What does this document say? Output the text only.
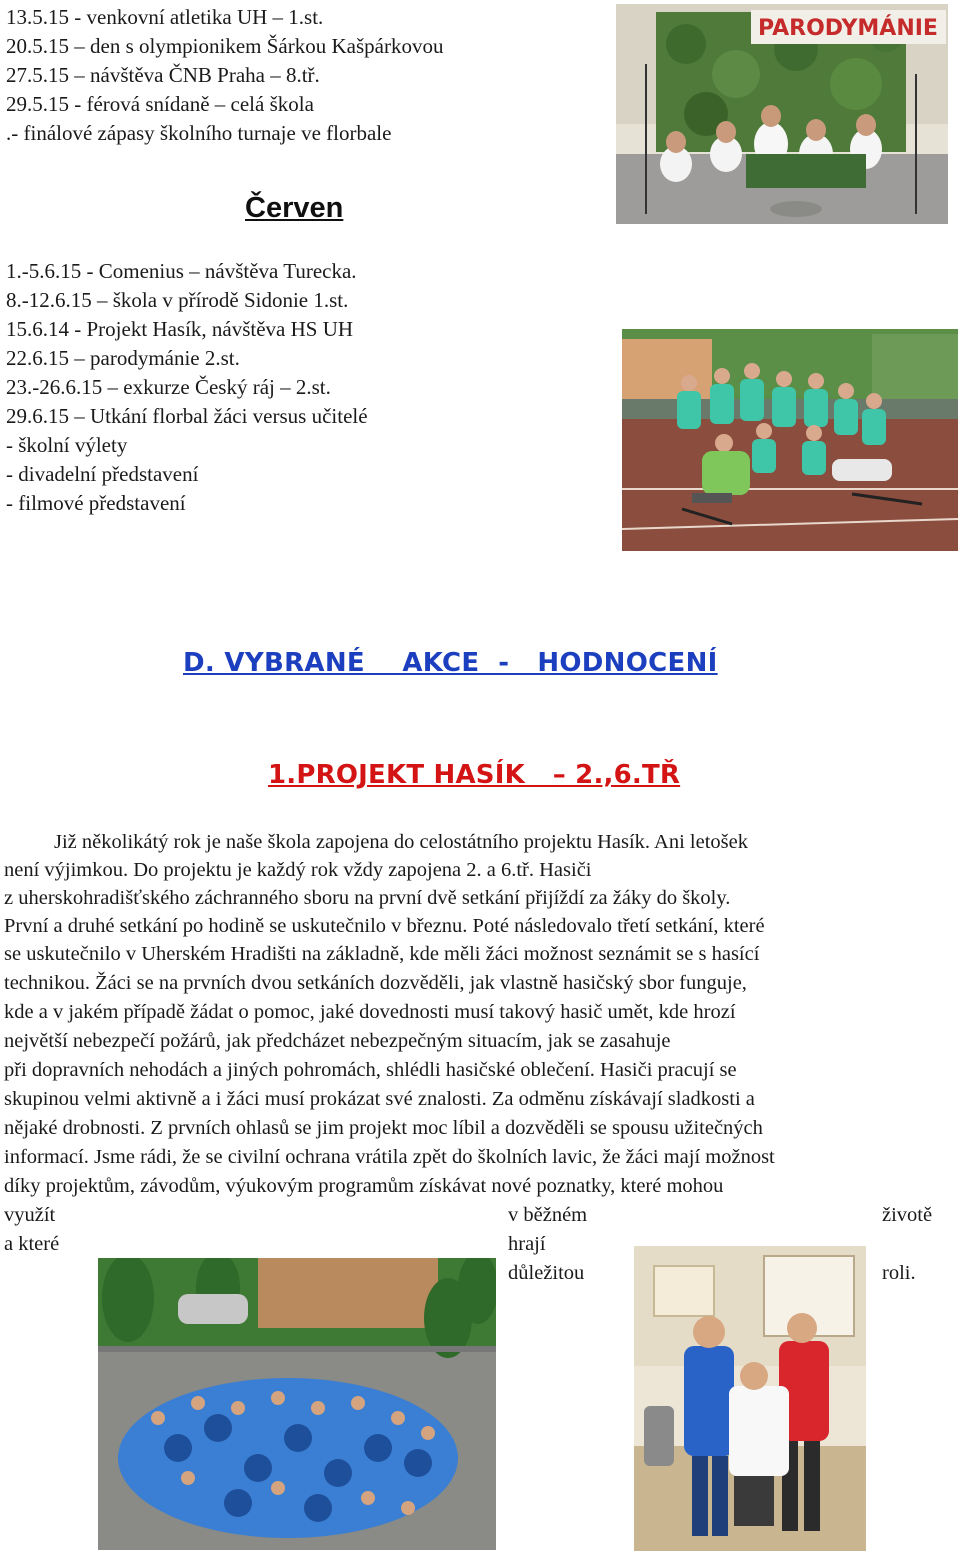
13.5.15 - venkovní atletika UH – 1.st.

20.5.15 – den s olympionikem Šárkou Kašpárkovou

27.5.15 – návštěva ČNB Praha – 8.tř.

29.5.15 - férová snídaně – celá škola

.- finálové zápasy školního turnaje ve florbale

Červen

1.-5.6.15 - Comenius – návštěva Turecka.

8.-12.6.15 – škola v přírodě Sidonie 1.st.

15.6.14 - Projekt Hasík, návštěva HS UH

22.6.15 – parodymánie 2.st.

23.-26.6.15 – exkurze Český ráj – 2.st.

29.6.15 – Utkání florbal žáci versus učitelé

- školní výlety

- divadelní představení

- filmové představení

PARODYMÁNIE
D. VYBRANÉ    AKCE  -   HODNOCENÍ
1.PROJEKT HASÍK   – 2.,6.TŘ

Již několikátý rok je naše škola zapojena do celostátního projektu Hasík. Ani letošek

není výjimkou. Do projektu je každý rok vždy zapojena 2. a 6.tř. Hasiči

z uherskohradišťského záchranného sboru na první dvě setkání přijíždí za žáky do školy.

První a druhé setkání po hodině se uskutečnilo v březnu. Poté následovalo třetí setkání, které

se uskutečnilo v Uherském Hradišti na základně, kde měli žáci možnost seznámit se s hasící

technikou. Žáci se na prvních dvou setkáních dozvěděli, jak vlastně hasičský sbor funguje,

kde a v jakém případě žádat o pomoc, jaké dovednosti musí takový hasič umět, kde hrozí

největší nebezpečí požárů, jak předcházet nebezpečným situacím, jak se zasahuje

při dopravních nehodách a jiných pohromách, shlédli hasičské oblečení. Hasiči pracují se

skupinou velmi aktivně a i žáci musí prokázat své znalosti. Za odměnu získávají sladkosti a

nějaké drobnosti. Z prvních ohlasů se jim projekt moc líbil a dozvěděli se spousu užitečných

informací. Jsme rádi, že se civilní ochrana vrátila zpět do školních lavic, že žáci mají možnost

díky projektům, závodům, výukovým programům získávat nové poznatky, které mohou

využít

a které

v běžném

hrají

důležitou

životě

roli.
